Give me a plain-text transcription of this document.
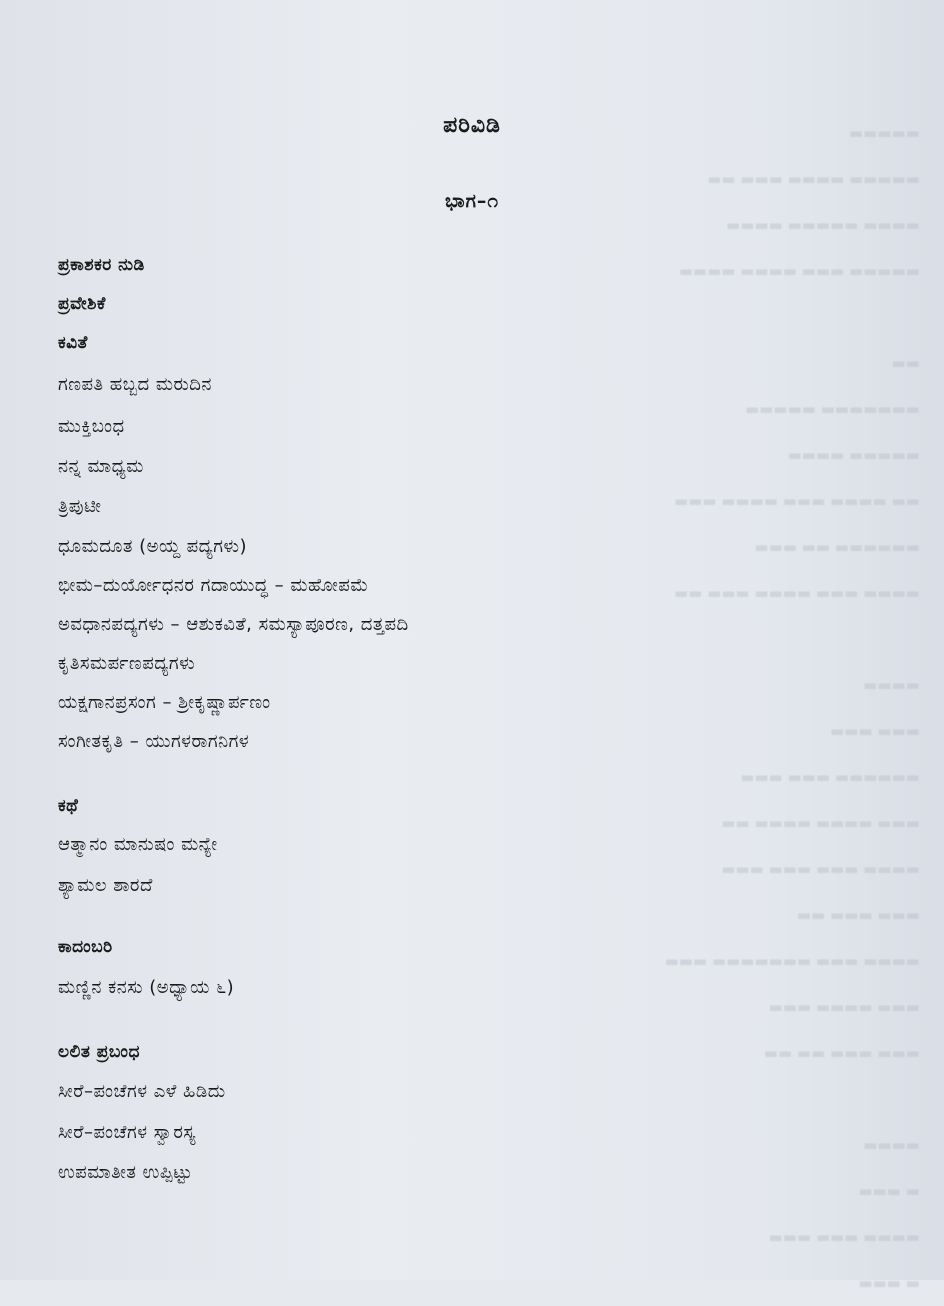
▬▬▬▬▬
▬▬▬▬▬ ▬▬▬▬ ▬▬▬ ▬▬
▬▬▬▬ ▬▬▬▬▬ ▬▬▬▬
▬▬▬▬▬ ▬▬▬ ▬▬▬▬ ▬▬▬▬
▬▬
▬▬▬▬▬▬▬ ▬▬▬▬▬
▬▬▬▬▬ ▬▬▬▬
▬▬ ▬▬▬▬ ▬▬▬ ▬▬▬▬ ▬▬▬
▬▬▬▬▬▬ ▬▬ ▬▬▬
▬▬▬▬ ▬▬▬ ▬▬▬▬ ▬▬▬ ▬▬
▬▬▬▬
▬▬▬ ▬▬▬
▬▬▬▬▬▬ ▬▬▬ ▬▬▬
▬▬▬ ▬▬▬▬ ▬▬▬▬ ▬▬
▬▬▬▬ ▬▬▬ ▬▬▬ ▬▬▬
▬▬▬ ▬▬▬ ▬▬
▬▬▬▬ ▬▬▬ ▬▬▬▬▬▬▬ ▬▬▬
▬▬▬ ▬▬▬▬ ▬▬▬
▬▬▬ ▬▬▬ ▬▬ ▬▬
▬▬▬▬
▬ ▬▬▬
▬▬▬▬ ▬▬▬ ▬▬▬
▬ ▬▬▬
ಪರಿವಿಡಿ
ಭಾಗ–೧
ಪ್ರಕಾಶಕರ ನುಡಿ
ಪ್ರವೇಶಿಕೆ
ಕವಿತೆ
ಗಣಪತಿ ಹಬ್ಬದ ಮರುದಿನ
ಮುಕ್ತಿಬಂಧ
ನನ್ನ ಮಾಧ್ಯಮ
ತ್ರಿಪುಟೀ
ಧೂಮದೂತ (ಅಯ್ದ ಪದ್ಯಗಳು)
ಭೀಮ–ದುರ್ಯೋಧನರ ಗದಾಯುದ್ಧ – ಮಹೋಪಮೆ
ಅವಧಾನಪದ್ಯಗಳು – ಆಶುಕವಿತೆ, ಸಮಸ್ಯಾಪೂರಣ, ದತ್ತಪದಿ
ಕೃತಿಸಮರ್ಪಣಪದ್ಯಗಳು
ಯಕ್ಷಗಾನಪ್ರಸಂಗ – ಶ್ರೀಕೃಷ್ಣಾರ್ಪಣಂ
ಸಂಗೀತಕೃತಿ – ಯುಗಳರಾಗನಿಗಳ
ಕಥೆ
ಆತ್ಮಾನಂ ಮಾನುಷಂ ಮನ್ಯೇ
ಶ್ಯಾಮಲ ಶಾರದೆ
ಕಾದಂಬರಿ
ಮಣ್ಣಿನ ಕನಸು (ಅಧ್ಯಾಯ ೬)
ಲಲಿತ ಪ್ರಬಂಧ
ಸೀರೆ–ಪಂಚೆಗಳ ಎಳೆ ಹಿಡಿದು
ಸೀರೆ–ಪಂಚೆಗಳ ಸ್ವಾರಸ್ಯ
ಉಪಮಾತೀತ ಉಪ್ಪಿಟ್ಟು
